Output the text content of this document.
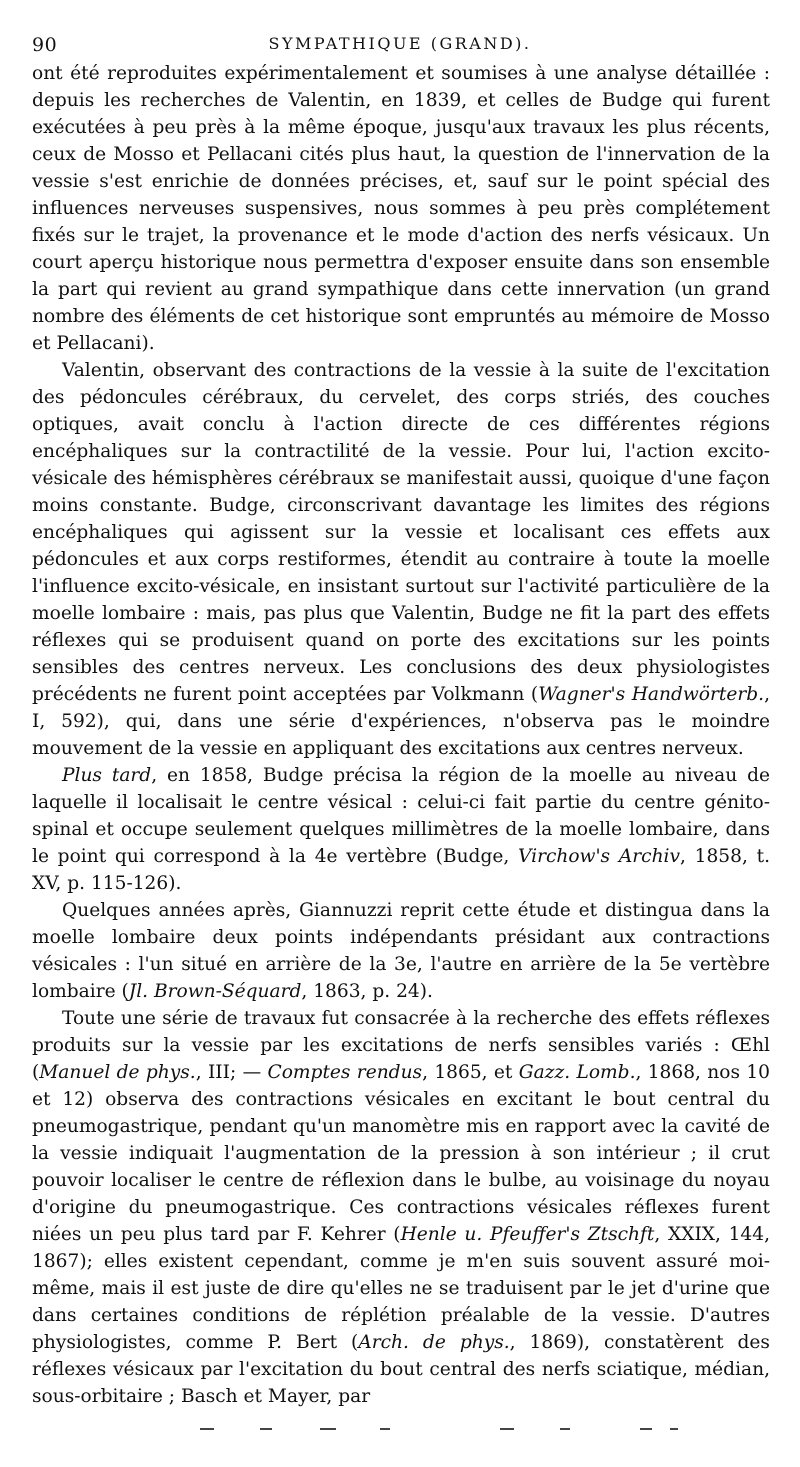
90	SYMPATHIQUE (GRAND).

ont été reproduites expérimentalement et soumises à une analyse détaillée : depuis les recherches de Valentin, en 1839, et celles de Budge qui furent exécutées à peu près à la même époque, jusqu'aux travaux les plus récents, ceux de Mosso et Pellacani cités plus haut, la question de l'innervation de la vessie s'est enrichie de données précises, et, sauf sur le point spécial des influences nerveuses suspensives, nous sommes à peu près complétement fixés sur le trajet, la provenance et le mode d'action des nerfs vésicaux. Un court aperçu historique nous permettra d'exposer ensuite dans son ensemble la part qui revient au grand sympathique dans cette innervation (un grand nombre des éléments de cet historique sont empruntés au mémoire de Mosso et Pellacani).

Valentin, observant des contractions de la vessie à la suite de l'excitation des pédoncules cérébraux, du cervelet, des corps striés, des couches optiques, avait conclu à l'action directe de ces différentes régions encéphaliques sur la contractilité de la vessie. Pour lui, l'action excito-vésicale des hémisphères cérébraux se manifestait aussi, quoique d'une façon moins constante. Budge, circonscrivant davantage les limites des régions encéphaliques qui agissent sur la vessie et localisant ces effets aux pédoncules et aux corps restiformes, étendit au contraire à toute la moelle l'influence excito-vésicale, en insistant surtout sur l'activité particulière de la moelle lombaire : mais, pas plus que Valentin, Budge ne fit la part des effets réflexes qui se produisent quand on porte des excitations sur les points sensibles des centres nerveux. Les conclusions des deux physiologistes précédents ne furent point acceptées par Volkmann (Wagner's Handwörterb., I, 592), qui, dans une série d'expériences, n'observa pas le moindre mouvement de la vessie en appliquant des excitations aux centres nerveux.

Plus tard, en 1858, Budge précisa la région de la moelle au niveau de laquelle il localisait le centre vésical : celui-ci fait partie du centre génito-spinal et occupe seulement quelques millimètres de la moelle lombaire, dans le point qui correspond à la 4e vertèbre (Budge, Virchow's Archiv, 1858, t. XV, p. 115-126).

Quelques années après, Giannuzzi reprit cette étude et distingua dans la moelle lombaire deux points indépendants présidant aux contractions vésicales : l'un situé en arrière de la 3e, l'autre en arrière de la 5e vertèbre lombaire (Jl. Brown-Séquard, 1863, p. 24).

Toute une série de travaux fut consacrée à la recherche des effets réflexes produits sur la vessie par les excitations de nerfs sensibles variés : Œhl (Manuel de phys., III; — Comptes rendus, 1865, et Gazz. Lomb., 1868, nos 10 et 12) observa des contractions vésicales en excitant le bout central du pneumogastrique, pendant qu'un manomètre mis en rapport avec la cavité de la vessie indiquait l'augmentation de la pression à son intérieur ; il crut pouvoir localiser le centre de réflexion dans le bulbe, au voisinage du noyau d'origine du pneumogastrique. Ces contractions vésicales réflexes furent niées un peu plus tard par F. Kehrer (Henle u. Pfeuffer's Ztschft, XXIX, 144, 1867); elles existent cependant, comme je m'en suis souvent assuré moi-même, mais il est juste de dire qu'elles ne se traduisent par le jet d'urine que dans certaines conditions de réplétion préalable de la vessie. D'autres physiologistes, comme P. Bert (Arch. de phys., 1869), constatèrent des réflexes vésicaux par l'excitation du bout central des nerfs sciatique, médian, sous-orbitaire ; Basch et Mayer, par
